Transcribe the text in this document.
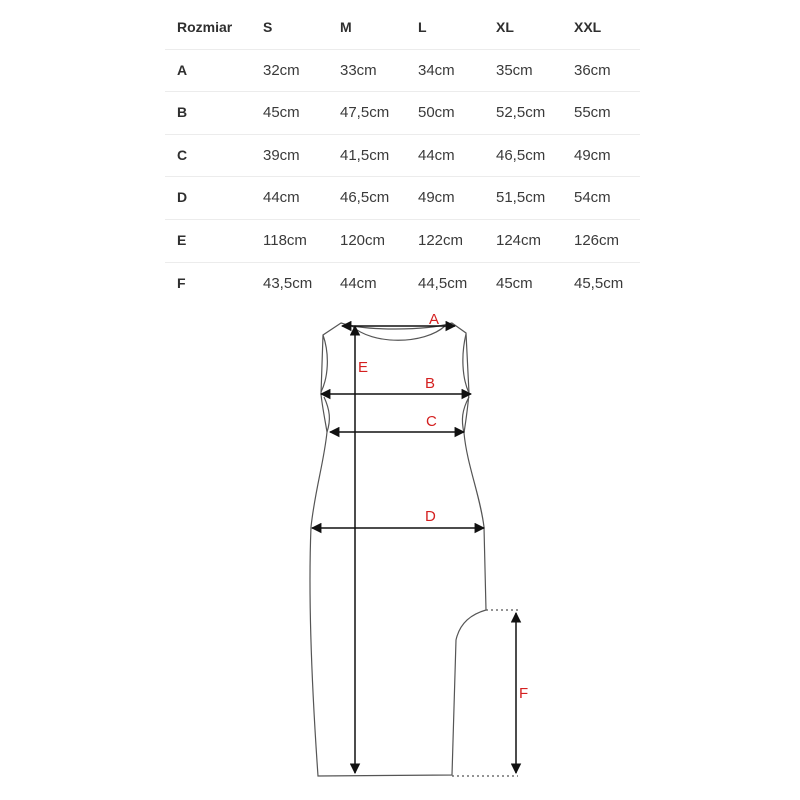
Rozmiar S	M	L	XL	XXL
A	32cm	33cm	34cm	35cm	36cm
B	45cm	47,5cm 50cm	52,5cm 55cm
C	39cm	41,5cm 44cm	46,5cm 49cm
D	44cm	46,5cm 49cm	51,5cm 54cm
E	118cm 120cm 122cm 124cm 126cm
F	43,5cm 44cm	44,5cm 45cm	45,5cm
A
E
B
C
D
F
